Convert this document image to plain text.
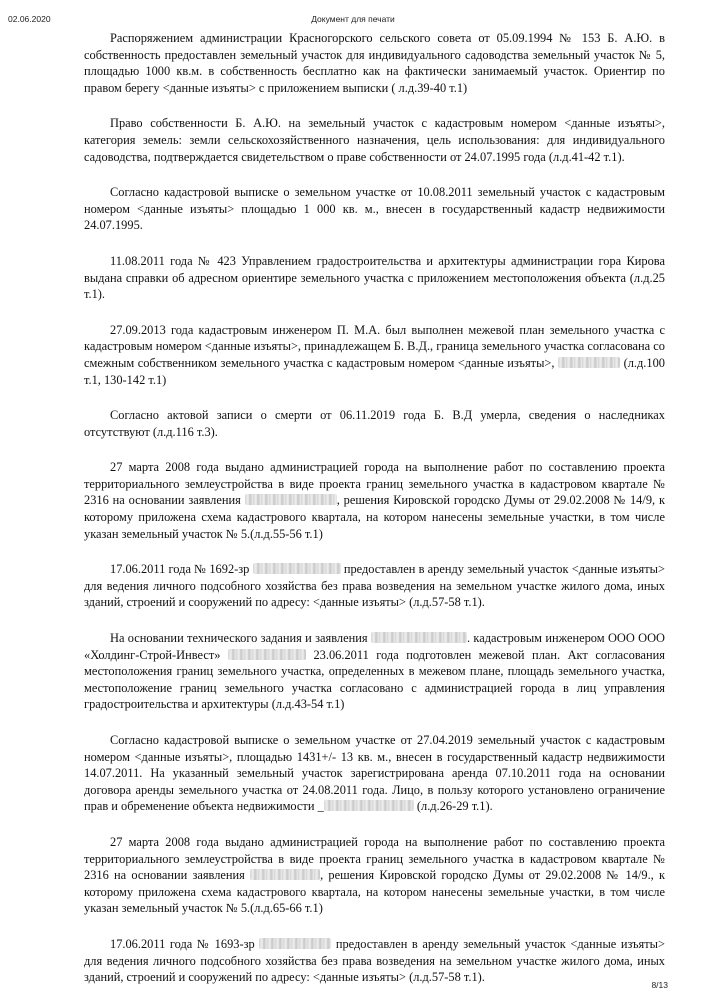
02.06.2020	Документ для печати

Распоряжением администрации Красногорского сельского совета от 05.09.1994 № 153 Б. А.Ю. в собственность предоставлен земельный участок для индивидуального садоводства земельный участок № 5, площадью 1000 кв.м. в собственность бесплатно как на фактически занимаемый участок. Ориентир по правом берегу <данные изъяты> с приложением выписки ( л.д.39-40 т.1)

Право собственности Б. А.Ю. на земельный участок с кадастровым номером <данные изъяты>, категория земель: земли сельскохозяйственного назначения, цель использования: для индивидуального садоводства, подтверждается свидетельством о праве собственности от 24.07.1995 года (л.д.41-42 т.1).

Согласно кадастровой выписке о земельном участке от 10.08.2011 земельный участок с кадастровым номером <данные изъяты> площадью 1 000 кв. м., внесен в государственный кадастр недвижимости 24.07.1995.

11.08.2011 года № 423 Управлением градостроительства и архитектуры администрации гора Кирова выдана справки об адресном ориентире земельного участка с приложением местоположения объекта (л.д.25 т.1).

27.09.2013 года кадастровым инженером П. М.А. был выполнен межевой план земельного участка с кадастровым номером <данные изъяты>, принадлежащем Б. В.Д., граница земельного участка согласована со смежным собственником земельного участка с кадастровым номером <данные изъяты>,	(л.д.100 т.1, 130-142 т.1)

Согласно актовой записи о смерти от 06.11.2019 года Б. В.Д умерла, сведения о наследниках отсутствуют (л.д.116 т.3).

27 марта 2008 года выдано администрацией города на выполнение работ по составлению проекта территориального землеустройства в виде проекта границ земельного участка в кадастровом квартале № 2316 на основании заявления	, решения Кировской городско Думы от 29.02.2008 № 14/9, к которому приложена схема кадастрового квартала, на котором нанесены земельные участки, в том числе указан земельный участок № 5.(л.д.55-56 т.1)

17.06.2011 года № 1692-зр	предоставлен в аренду земельный участок <данные изъяты> для ведения личного подсобного хозяйства без права возведения на земельном участке жилого дома, иных зданий, строений и сооружений по адресу: <данные изъяты> (л.д.57-58 т.1).

На основании технического задания и заявления	. кадастровым инженером ООО ООО «Холдинг-Строй-Инвест»	23.06.2011 года подготовлен межевой план. Акт согласования местоположения границ земельного участка, определенных в межевом плане, площадь земельного участка, местоположение границ земельного участка согласовано с администрацией города в лиц управления градостроительства и архитектуры (л.д.43-54 т.1)

Согласно кадастровой выписке о земельном участке от 27.04.2019 земельный участок с кадастровым номером <данные изъяты>, площадью 1431+/- 13 кв. м., внесен в государственный кадастр недвижимости 14.07.2011. На указанный земельный участок зарегистрирована аренда 07.10.2011 года на основании договора аренды земельного участка от 24.08.2011 года. Лицо, в пользу которого установлено ограничение прав и обременение объекта недвижимости _	(л.д.26-29 т.1).

27 марта 2008 года выдано администрацией города на выполнение работ по составлению проекта территориального землеустройства в виде проекта границ земельного участка в кадастровом квартале № 2316 на основании заявления	, решения Кировской городско Думы от 29.02.2008 № 14/9., к которому приложена схема кадастрового квартала, на котором нанесены земельные участки, в том числе указан земельный участок № 5.(л.д.65-66 т.1)

17.06.2011 года № 1693-зр	предоставлен в аренду земельный участок <данные изъяты> для ведения личного подсобного хозяйства без права возведения на земельном участке жилого дома, иных зданий, строений и сооружений по адресу: <данные изъяты> (л.д.57-58 т.1).

8/13
